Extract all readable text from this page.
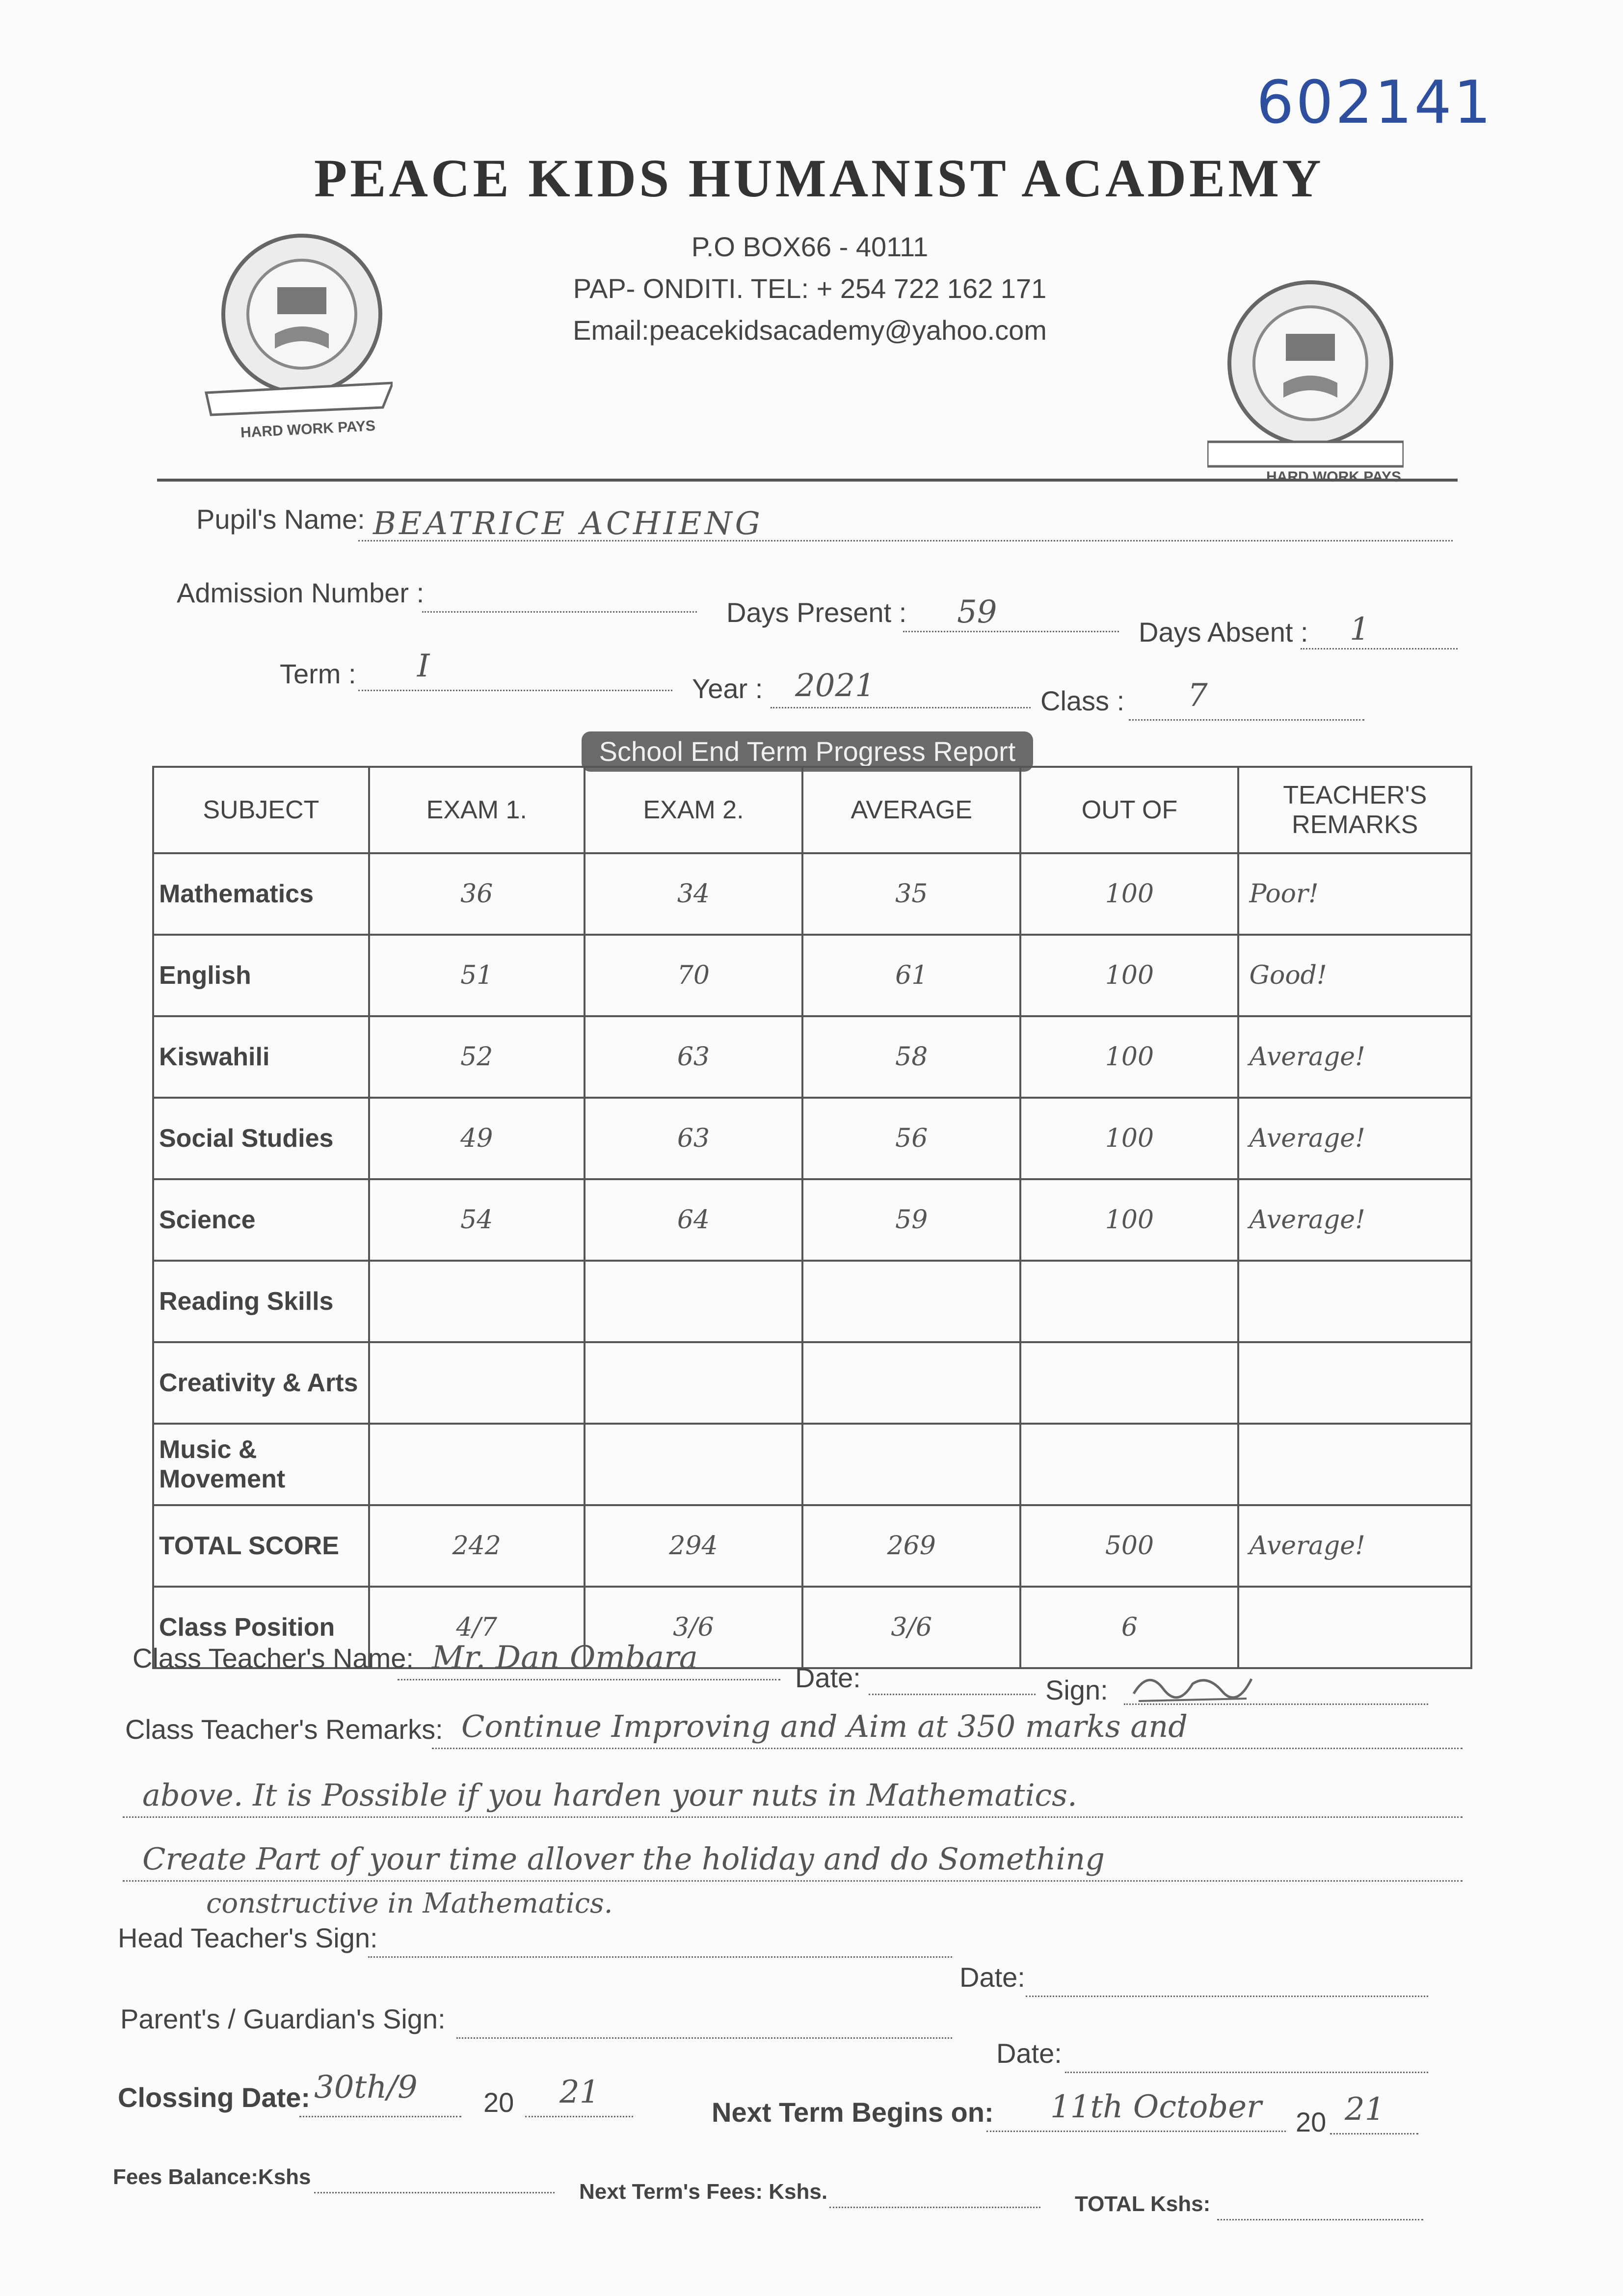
602141
PEACE KIDS HUMANIST ACADEMY
P.O BOX66 - 40111
PAP- ONDITI. TEL: + 254 722 162 171
Email:peacekidsacademy@yahoo.com
HARD WORK PAYS
HARD WORK PAYS
Pupil's Name: BEATRICE ACHIENG
Admission Number :
Days Present : 59
Days Absent : 1
Term : I
Year : 2021	Class : 7
School End Term Progress Report
SUBJECT	EXAM 1.	EXAM 2.	AVERAGE	OUT OF	TEACHER'S REMARKS
Mathematics	36	34	35	100	Poor!
English	51	70	61	100	Good!
Kiswahili	52	63	58	100	Average!
Social Studies	49	63	56	100	Average!
Science	54	64	59	100	Average!
Reading Skills					
Creativity & Arts					
Music & Movement					
TOTAL SCORE	242	294	269	500	Average!
Class Position	4/7	3/6	3/6	6	
Class Teacher's Name: Mr. Dan Ombara
Date:	Sign:
Class Teacher's Remarks: Continue Improving and Aim at 350 marks and
above. It is Possible if you harden your nuts in Mathematics.
Create Part of your time allover the holiday and do Something
constructive in Mathematics.
Head Teacher's Sign:
Date:
Parent's / Guardian's Sign:
Date:
Clossing Date: 30th/9 20 21
Next Term Begins on: 11th October 20 21
Fees Balance:Kshs
Next Term's Fees: Kshs.
TOTAL Kshs:
